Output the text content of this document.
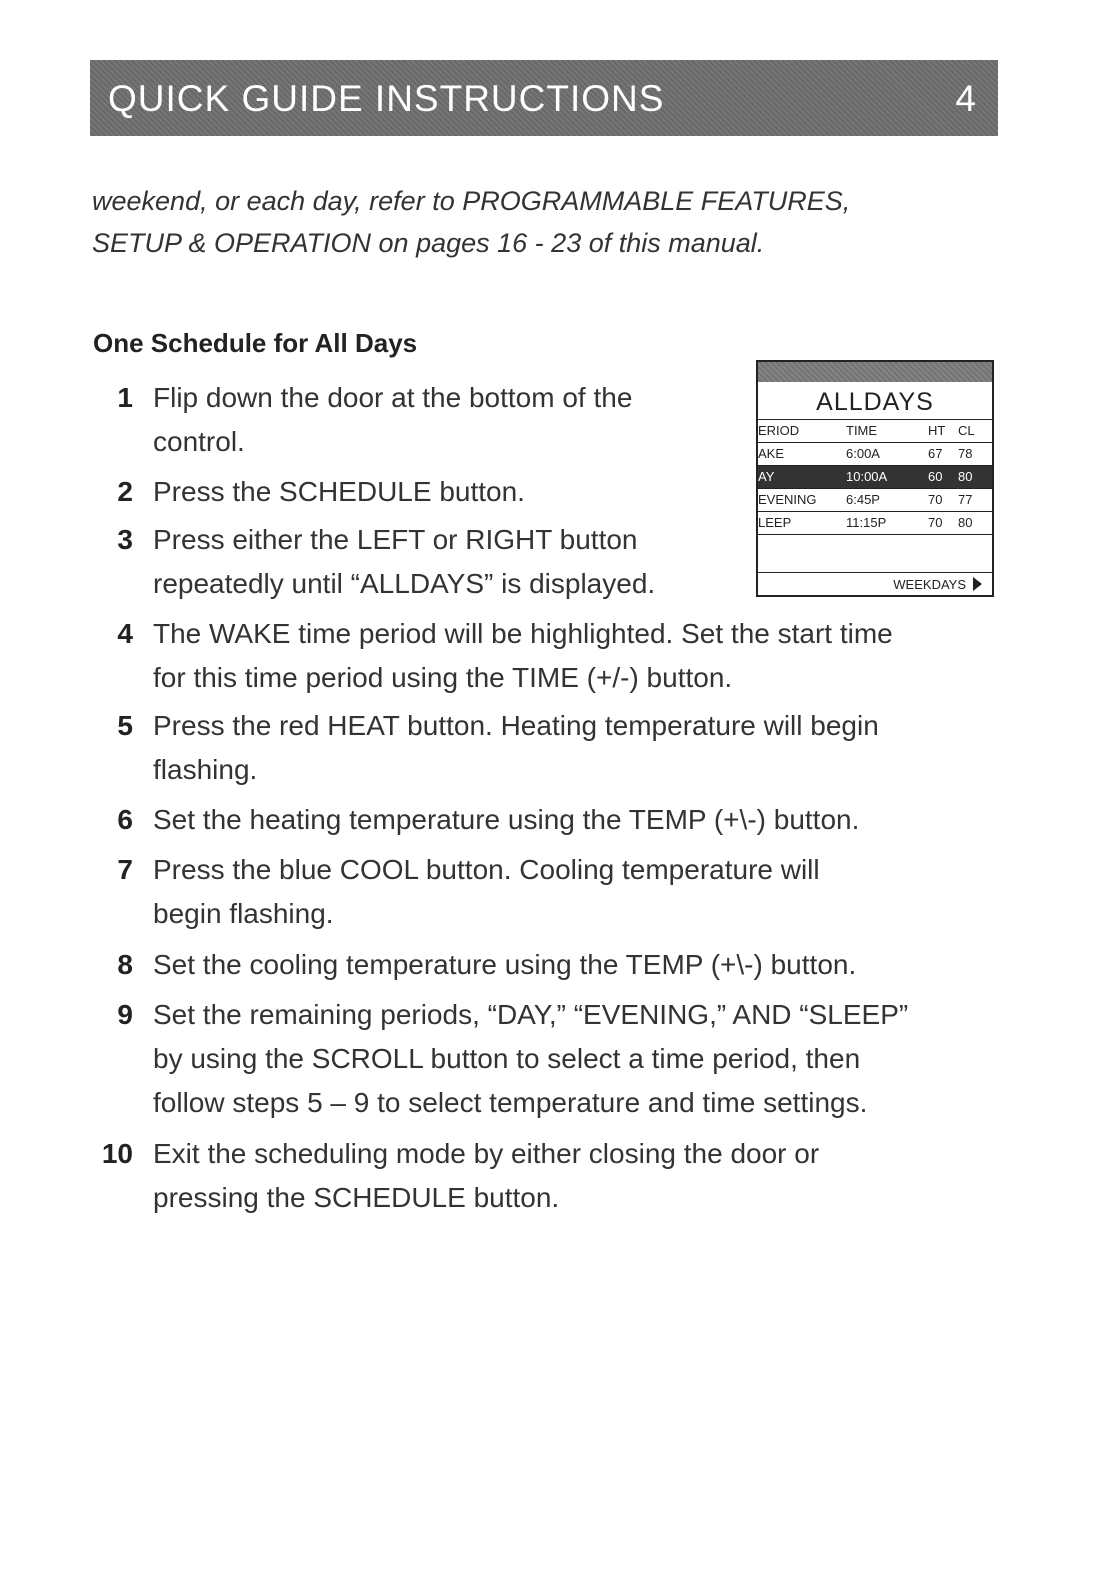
QUICK GUIDE INSTRUCTIONS	4
weekend, or each day, refer to PROGRAMMABLE FEATURES,
SETUP & OPERATION on pages 16 - 23 of this manual.
One Schedule for All Days
1 Flip down the door at the bottom of the
control.
2 Press the SCHEDULE button.
3 Press either the LEFT or RIGHT button
repeatedly until “ALLDAYS” is displayed.
4 The WAKE time period will be highlighted. Set the start time
for this time period using the TIME (+/-) button.
5 Press the red HEAT button. Heating temperature will begin
flashing.
6 Set the heating temperature using the TEMP (+\-) button.
7 Press the blue COOL button. Cooling temperature will
begin flashing.
8 Set the cooling temperature using the TEMP (+\-) button.
9 Set the remaining periods, “DAY,” “EVENING,” AND “SLEEP”
by using the SCROLL button to select a time period, then
follow steps 5 – 9 to select temperature and time settings.
10 Exit the scheduling mode by either closing the door or
pressing the SCHEDULE button.
ALLDAYS
ERIOD	TIME	HT CL
AKE	6:00A	67 78
AY	10:00A	60 80
EVENING 6:45P	70 77
LEEP	11:15P	70 80
WEEKDAYS
